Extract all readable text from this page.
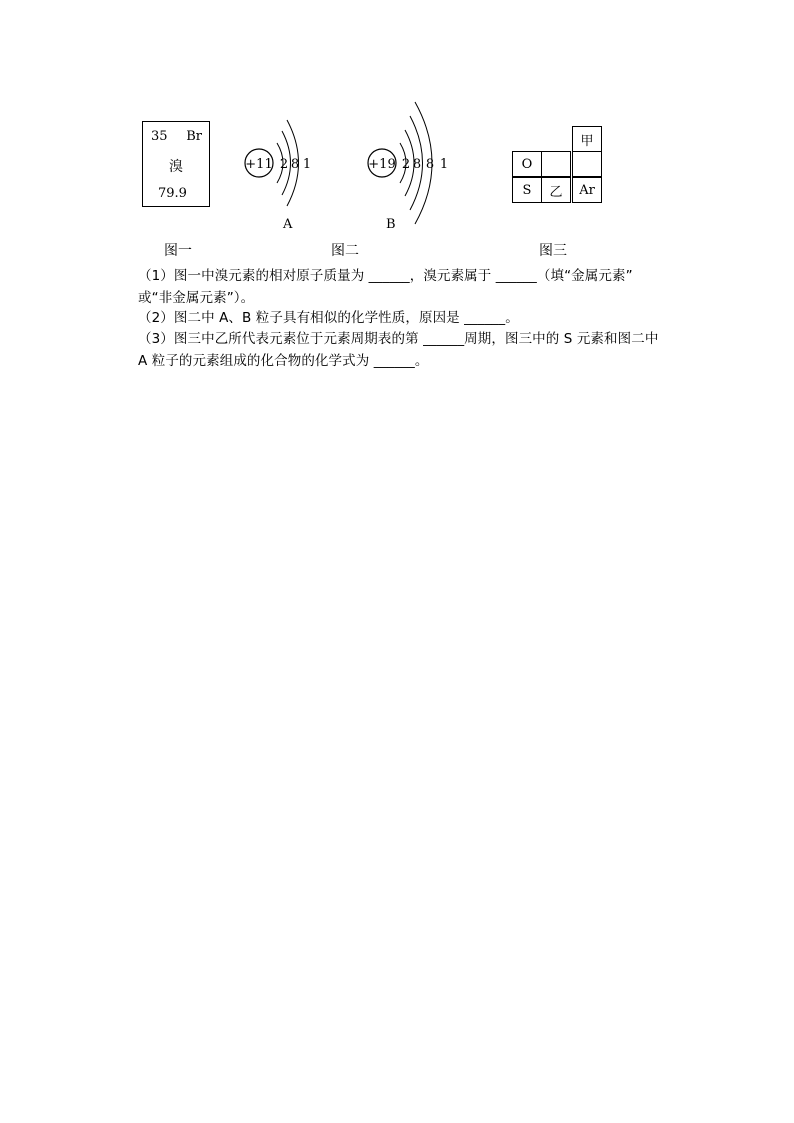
35 Br
溴
79.9
图一
+11 2 8 1
A
+19 2 8 8 1
B
图二
甲
O
S	乙	Ar
图三
（1）图一中溴元素的相对原子质量为 ______，溴元素属于 ______（填“金属元素”
或“非金属元素”）。
（2）图二中 A、B 粒子具有相似的化学性质，原因是 ______。
（3）图三中乙所代表元素位于元素周期表的第 ______周期，图三中的 S 元素和图二中
A 粒子的元素组成的化合物的化学式为 ______。
